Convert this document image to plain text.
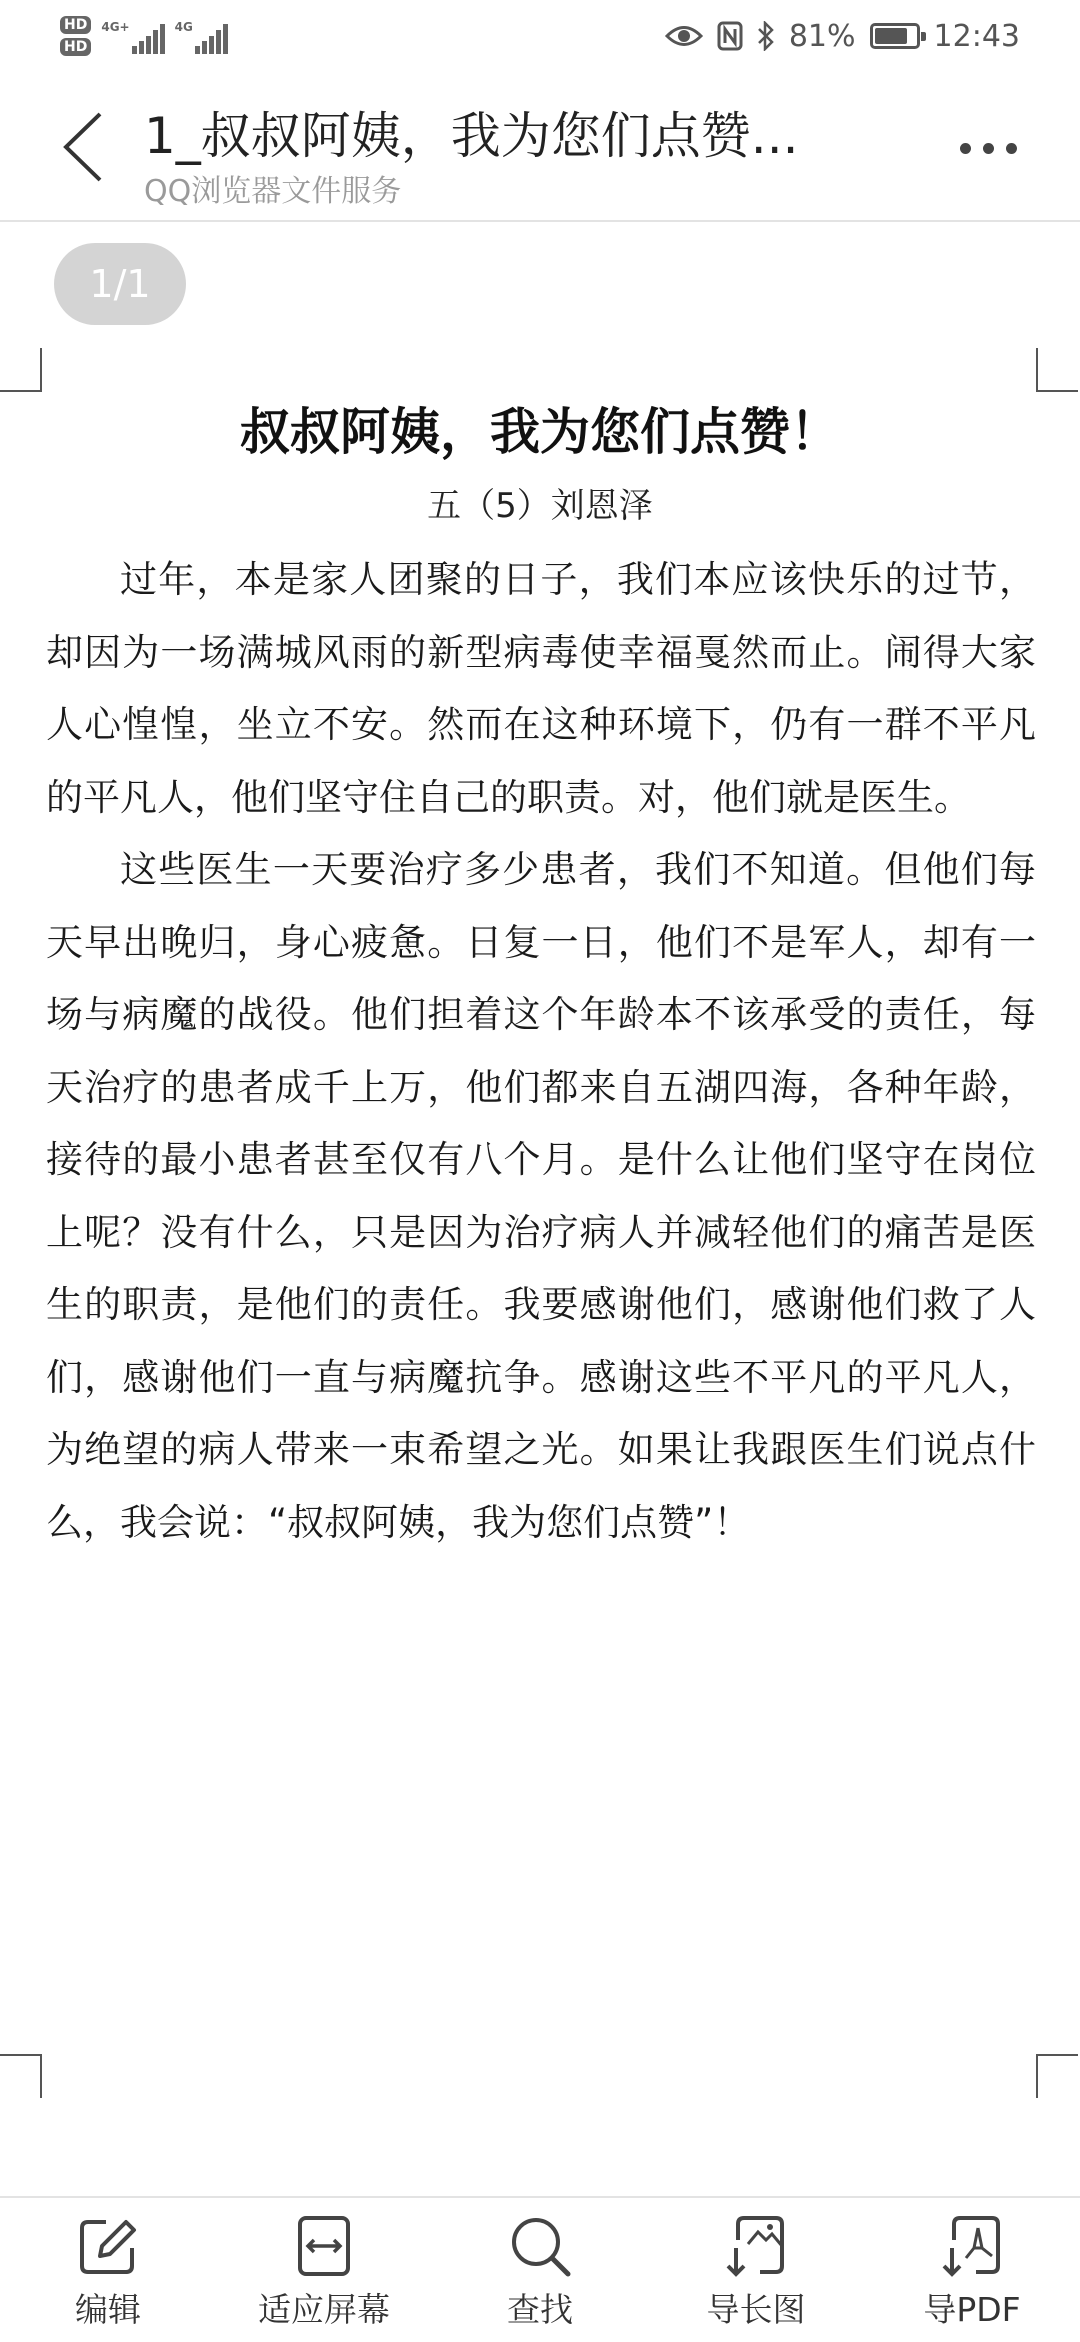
HD
HD
4G+	4G	81%	12:43
1_叔叔阿姨，我为您们点赞...
QQ浏览器文件服务
1/1
叔叔阿姨，我为您们点赞！
五（5）刘恩泽

过年，本是家人团聚的日子，我们本应该快乐的过节，却因为一场满城风雨的新型病毒使幸福戛然而止。闹得大家人心惶惶，坐立不安。然而在这种环境下，仍有一群不平凡的平凡人，他们坚守住自己的职责。对，他们就是医生。

这些医生一天要治疗多少患者，我们不知道。但他们每天早出晚归，身心疲惫。日复一日，他们不是军人，却有一场与病魔的战役。他们担着这个年龄本不该承受的责任，每天治疗的患者成千上万，他们都来自五湖四海，各种年龄，接待的最小患者甚至仅有八个月。是什么让他们坚守在岗位上呢？没有什么，只是因为治疗病人并减轻他们的痛苦是医生的职责，是他们的责任。我要感谢他们，感谢他们救了人们，感谢他们一直与病魔抗争。感谢这些不平凡的平凡人，为绝望的病人带来一束希望之光。如果让我跟医生们说点什么，我会说：“叔叔阿姨，我为您们点赞”！

编辑	适应屏幕	查找	导长图	导PDF
